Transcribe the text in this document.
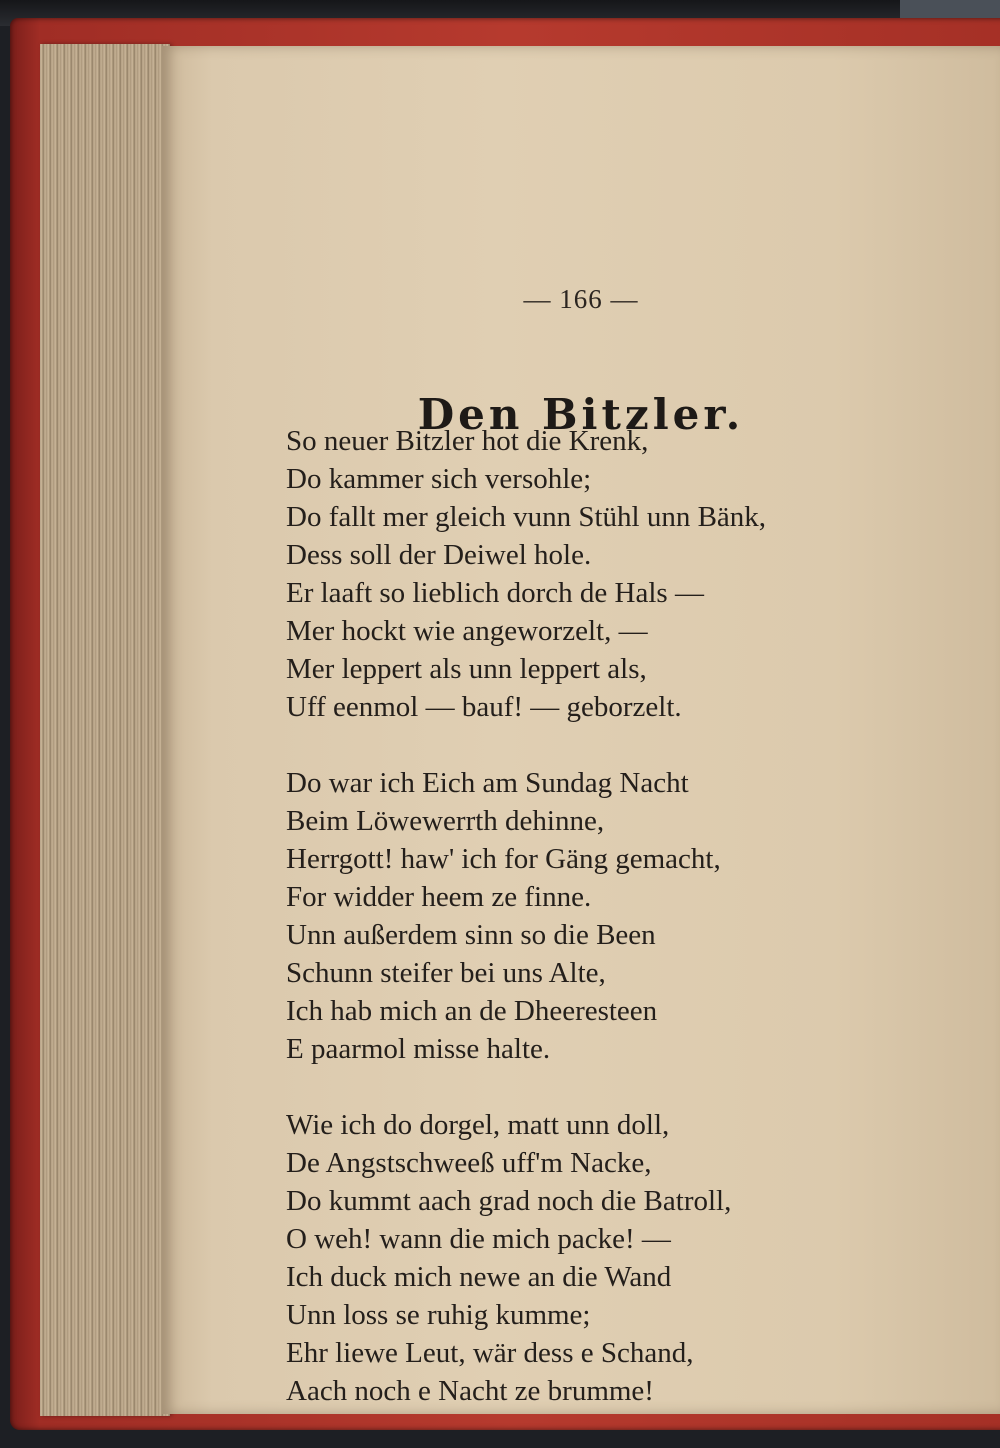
— 166 —
Den Bitzler.
So neuer Bitzler hot die Krenk,
Do kammer sich versohle;
Do fallt mer gleich vunn Stühl unn Bänk,
Dess soll der Deiwel hole.
Er laaft so lieblich dorch de Hals —
Mer hockt wie angeworzelt, —
Mer leppert als unn leppert als,
Uff eenmol — bauf! — geborzelt.
Do war ich Eich am Sundag Nacht
Beim Löwewerrth dehinne,
Herrgott! haw' ich for Gäng gemacht,
For widder heem ze finne.
Unn außerdem sinn so die Been
Schunn steifer bei uns Alte,
Ich hab mich an de Dheeresteen
E paarmol misse halte.
Wie ich do dorgel, matt unn doll,
De Angstschweeß uff'm Nacke,
Do kummt aach grad noch die Batroll,
O weh! wann die mich packe! —
Ich duck mich newe an die Wand
Unn loss se ruhig kumme;
Ehr liewe Leut, wär dess e Schand,
Aach noch e Nacht ze brumme!
